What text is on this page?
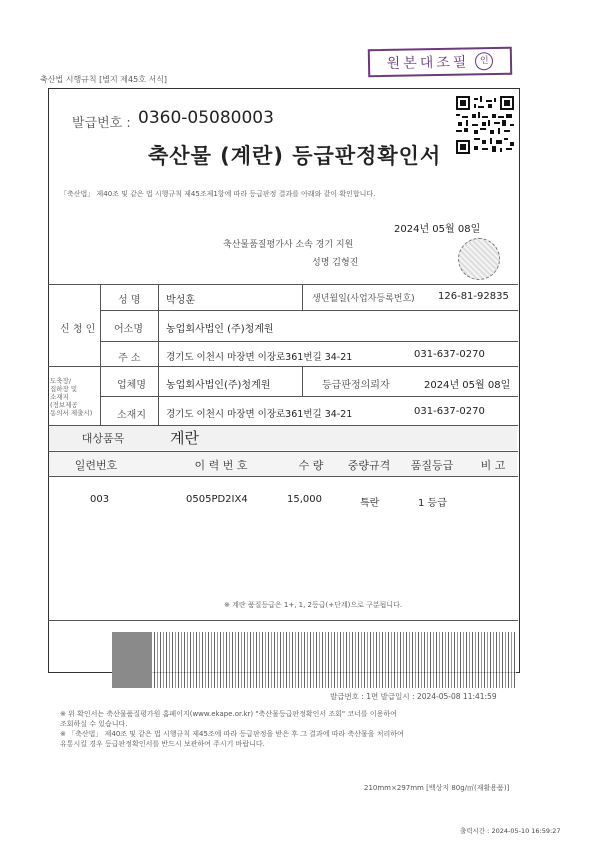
축산법 시행규칙 [별지 제45호 서식]
원본대조필	인
발급번호 : 0360-05080003
축산물 (계란) 등급판정확인서
「축산법」 제40조 및 같은 법 시행규칙 제45조제1항에 따라 등급판정 결과를 아래와 같이 확인합니다.
2024년 05월 08일
축산물품질평가사 소속 경기 지원
성명 김형진
신 청 인
성 명	박성훈	생년월일(사업자등록번호) 126-81-92835
어소명 농업회사법인 (주)청계원
주 소	경기도 이천시 마장면 이장로361번길 34-21	031-637-0270
도축장/
집하장 및
소재지
(정보제공
동의서 제출시)
업체명 농업회사법인(주)청계원	등급판정의뢰자	2024년 05월 08일
소재지 경기도 이천시 마장면 이장로361번길 34-21	031-637-0270
대상품목	계란
일련번호	이 력 번 호	수 량	중량규격	품질등급	비 고
003	0505PD2IX4	15,000	특란	1 등급
※ 계란 품질등급은 1+, 1, 2등급(+단계)으로 구분됩니다.
발급번호 : 1면 발급일시 : 2024-05-08 11:41:59
※ 위 확인서는 축산물품질평가원 홈페이지(www.ekape.or.kr) "축산물등급판정확인서 조회" 코너를 이용하여
조회하실 수 있습니다.
※ 「축산법」 제40조 및 같은 법 시행규칙 제45조에 따라 등급판정을 받은 후 그 결과에 따라 축산물을 처리하여
유통시킬 경우 등급판정확인서를 반드시 보관하여 주시기 바랍니다.
210mm×297mm [백상지 80g/㎡(재활용품)]
출력시간 : 2024-05-10 16:59:27
